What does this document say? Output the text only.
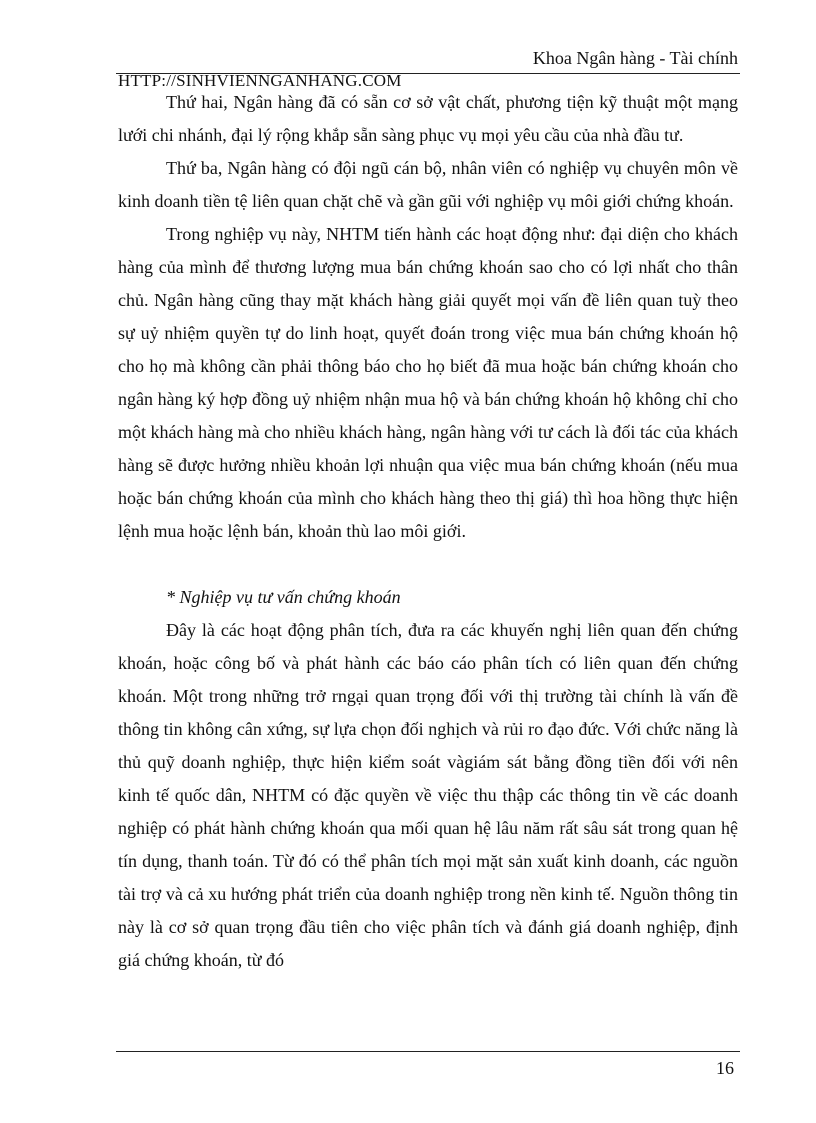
Khoa Ngân hàng - Tài chính
HTTP://SINHVIENNGANHANG.COM

Thứ hai, Ngân hàng đã có sẵn cơ sở vật chất, phương tiện kỹ thuật một mạng lưới chi nhánh, đại lý rộng khắp sẵn sàng phục vụ mọi yêu cầu của nhà đầu tư.

Thứ ba, Ngân hàng có đội ngũ cán bộ, nhân viên có nghiệp vụ chuyên môn về kinh doanh tiền tệ liên quan chặt chẽ và gần gũi với nghiệp vụ môi giới chứng khoán.

Trong nghiệp vụ này, NHTM tiến hành các hoạt động như: đại diện cho khách hàng của mình để thương lượng mua bán chứng khoán sao cho có lợi nhất cho thân chủ. Ngân hàng cũng thay mặt khách hàng giải quyết mọi vấn đề liên quan tuỳ theo sự uỷ nhiệm quyền tự do linh hoạt, quyết đoán trong việc mua bán chứng khoán hộ cho họ mà không cần phải thông báo cho họ biết đã mua hoặc bán chứng khoán cho ngân hàng ký hợp đồng uỷ nhiệm nhận mua hộ và bán chứng khoán hộ không chỉ cho một khách hàng mà cho nhiều khách hàng, ngân hàng với tư cách là đối tác của khách hàng sẽ được hưởng nhiều khoản lợi nhuận qua việc mua bán chứng khoán (nếu mua hoặc bán chứng khoán của mình cho khách hàng theo thị giá) thì hoa hồng thực hiện lệnh mua hoặc lệnh bán, khoản thù lao môi giới.

* Nghiệp vụ tư vấn chứng khoán

Đây là các hoạt động phân tích, đưa ra các khuyến nghị liên quan đến chứng khoán, hoặc công bố và phát hành các báo cáo phân tích có liên quan đến chứng khoán. Một trong những trở rngại quan trọng đối với thị trường tài chính là vấn đề thông tin không cân xứng, sự lựa chọn đối nghịch và rủi ro đạo đức. Với chức năng là thủ quỹ doanh nghiệp, thực hiện kiểm soát vàgiám sát bằng đồng tiền đối với nên kinh tế quốc dân, NHTM có đặc quyền về việc thu thập các thông tin về các doanh nghiệp có phát hành chứng khoán qua mối quan hệ lâu năm rất sâu sát trong quan hệ tín dụng, thanh toán. Từ đó có thể phân tích mọi mặt sản xuất kinh doanh, các nguồn tài trợ và cả xu hướng phát triển của doanh nghiệp trong nền kinh tế. Nguồn thông tin này là cơ sở quan trọng đầu tiên cho việc phân tích và đánh giá doanh nghiệp, định giá chứng khoán, từ đó

16
